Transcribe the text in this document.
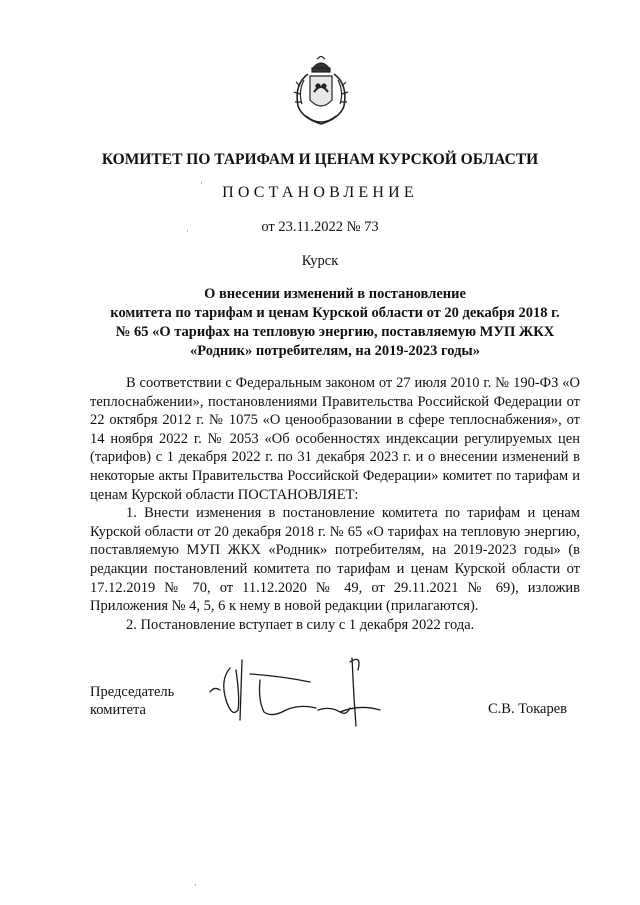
КОМИТЕТ ПО ТАРИФАМ И ЦЕНАМ КУРСКОЙ ОБЛАСТИ
ПОСТАНОВЛЕНИЕ
от 23.11.2022 № 73
Курск
О внесении изменений в постановление
комитета по тарифам и ценам Курской области от 20 декабря 2018 г.
№ 65 «О тарифах на тепловую энергию, поставляемую МУП ЖКХ
«Родник» потребителям, на 2019-2023 годы»

В соответствии с Федеральным законом от 27 июля 2010 г. № 190-ФЗ «О теплоснабжении», постановлениями Правительства Российской Федерации от 22 октября 2012 г. № 1075 «О ценообразовании в сфере теплоснабжения», от 14 ноября 2022 г. № 2053 «Об особенностях индексации регулируемых цен (тарифов) с 1 декабря 2022 г. по 31 декабря 2023 г. и о внесении изменений в некоторые акты Правительства Российской Федерации» комитет по тарифам и ценам Курской области ПОСТАНОВЛЯЕТ:

1. Внести изменения в постановление комитета по тарифам и ценам Курской области от 20 декабря 2018 г. № 65 «О тарифах на тепловую энергию, поставляемую МУП ЖКХ «Родник» потребителям, на 2019-2023 годы» (в редакции постановлений комитета по тарифам и ценам Курской области от 17.12.2019 № 70, от 11.12.2020 № 49, от 29.11.2021 № 69), изложив Приложения № 4, 5, 6 к нему в новой редакции (прилагаются).

2. Постановление вступает в силу с 1 декабря 2022 года.

Председатель
комитета	С.В. Токарев
·
·
·
